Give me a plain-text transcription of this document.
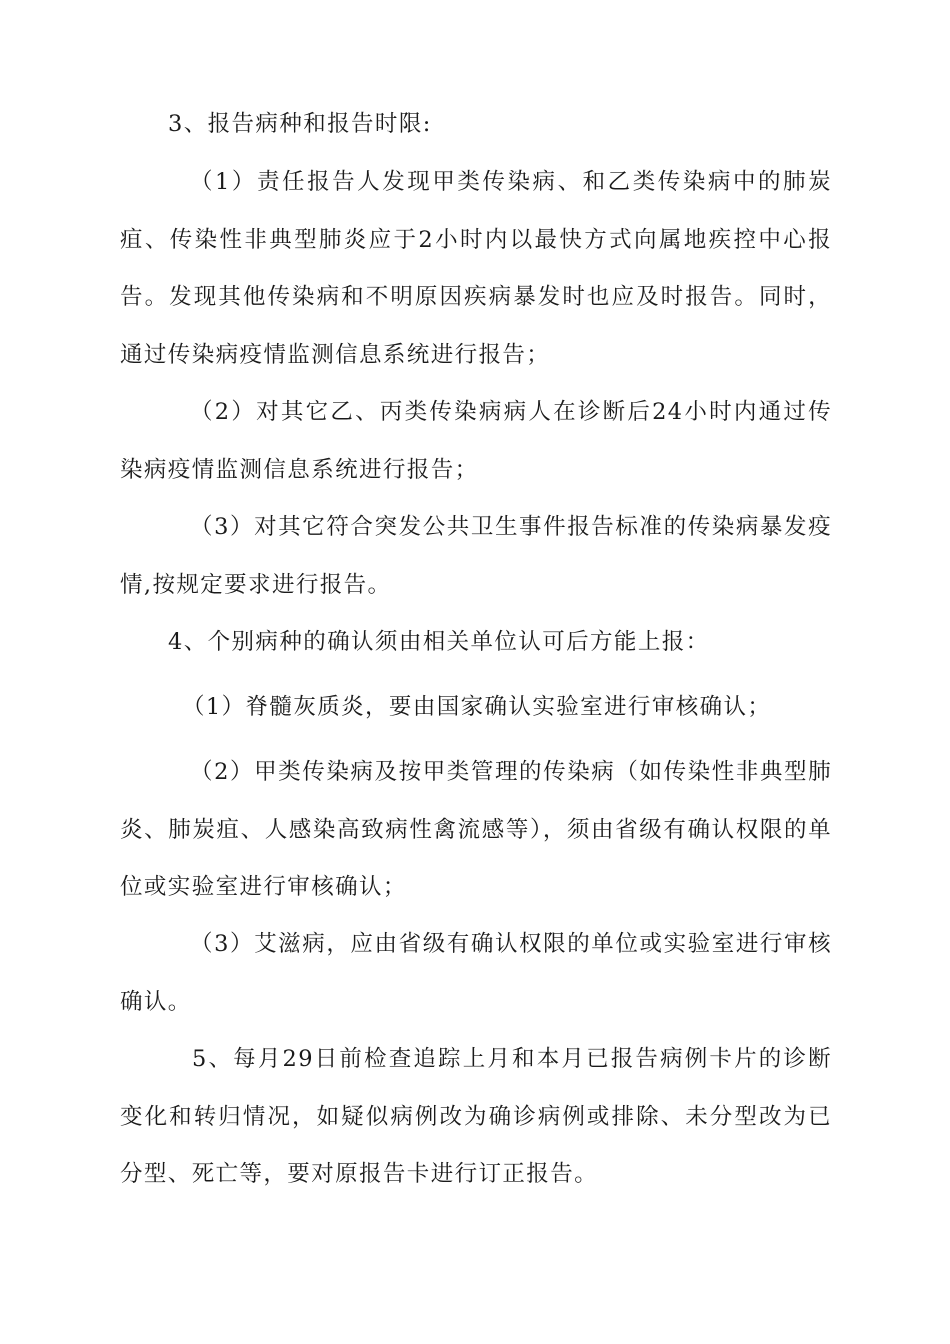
3、报告病种和报告时限:

（1）责任报告人发现甲类传染病、和乙类传染病中的肺炭疽、传染性非典型肺炎应于2小时内以最快方式向属地疾控中心报告。发现其他传染病和不明原因疾病暴发时也应及时报告。同时，通过传染病疫情监测信息系统进行报告；

（2）对其它乙、丙类传染病病人在诊断后24小时内通过传染病疫情监测信息系统进行报告；

（3）对其它符合突发公共卫生事件报告标准的传染病暴发疫情,按规定要求进行报告。

4、个别病种的确认须由相关单位认可后方能上报：

（1）脊髓灰质炎，要由国家确认实验室进行审核确认；

（2）甲类传染病及按甲类管理的传染病（如传染性非典型肺炎、肺炭疽、人感染高致病性禽流感等），须由省级有确认权限的单位或实验室进行审核确认；

（3）艾滋病，应由省级有确认权限的单位或实验室进行审核确认。

5、每月29日前检查追踪上月和本月已报告病例卡片的诊断变化和转归情况，如疑似病例改为确诊病例或排除、未分型改为已分型、死亡等，要对原报告卡进行订正报告。
